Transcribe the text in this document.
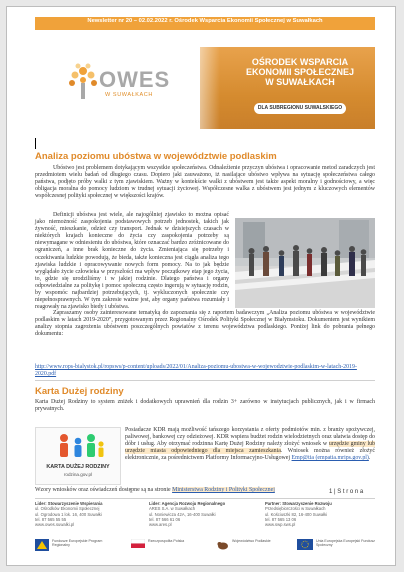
Newsletter nr 20 – 02.02.2022 r. Ośrodek Wsparcia Ekonomii Społecznej w Suwałkach
OWES
W SUWAŁKACH
OŚRODEK WSPARCIA
EKONOMII SPOŁECZNEJ
W SUWAŁKACH
DLA SUBREGIONU SUWALSKIEGO
Analiza poziomu ubóstwa w województwie podlaskim

Ubóstwo jest problemem dotykającym wszystkie społeczeństwa. Odnaleźienie przyczyn ubóstwa i opracowanie metod zaradczych jest przedmiotem wielu badań od długiego czasu. Dopiero jaki zauważono, iż nasilające ubóstwo wpływa na sytuację społeczeństwa całego państwa, podjęto próby walki z tym zjawiskiem. Ważny w kontekście walki z ubóstwem jest także aspekt moralny i godnościowy, a więc obligacja moralna do pomocy ludziom w trudnej sytuacji życiowej. Współczesne walka z ubóstwem jest jednym z kluczowych elementów współczesnej polityki społecznej w większości krajów.

Definicji ubóstwa jest wiele, ale najogólniej zjawisko to można opisać jako niemożność zaspokojenia podstawowych potrzeb jednostek, takich jak żywność, mieszkanie, odzież czy transport. Jednak w dzisiejszych czasach w niektórych krajach konieczne do życia czy zaspokojenia potrzeby są niewymagane w odniesieniu do ubóstwa, które oznaczać bardzo zróżnicowane do ograniczeń, a inne brak konieczne do życia. Zmieniająca się potrzeby i oczekiwania ludzkie powodują, że bieda, także konieczna jest ciągła analiza tego zjawiska ludzkie i opracowywanie nowych form pomocy. Na to jak będzie wyglądało życie człowieka w przyszłości ma wpływ początkowy etap jego życia, to, gdzie się urodziliśmy i w jakiej rodzinie. Dlatego państwa i organy odpowiedzialne za politykę i pomoc społeczną często ingerują w sytuację rodzin, by wspomóc najbardziej potrzebujących, tj. wykluczonych społecznie czy niepełnosprawnych. W tym zakresie ważne jest, aby organy państwa rozumiały i reagowały na zjawisko biedy i ubóstwa.

Zapraszamy osoby zainteresowane tematyką do zapoznania się z raportem badawczym „Analiza poziomu ubóstwa w województwie podlaskim w latach 2019-2020”, przygotowanym przez Regionalny Ośrodek Polityki Społecznej w Białymstoku. Dokumentem jest wynikiem analizy stopnia zagrożenia ubóstwem poszczególnych powiatów z terenu województwa podlaskiego. Poniżej link do pobrania pełnego dokumentu:

http://www.rops-bialystok.pl/ropsws/p-content/uploads/2022/01/Analiza-poziomu-ubostwa-w-wojewodztwie-podlaskim-w-latach-2019-2020.pdf
Karta Dużej rodziny

Karta Dużej Rodziny to system zniżek i dodatkowych uprawnień dla rodzin 3+ zarówno w instytucjach publicznych, jak i w firmach prywatnych.

KARTA DUŻEJ RODZINY
rodzina.gov.pl

Posiadacze KDR mają możliwość tańszego korzystania z oferty podmiotów min. z branży spożywczej, paliwowej, bankowej czy odzieżowej. KDR wspiera budżet rodzin wielodzietnych oraz ułatwia dostęp do dóbr i usług. Aby otrzymać rodzinna Kartę Dużej Rodziny należy złożyć wniosek w urzędzie gminy lub urzędzie miasta odpowiedniego dla miejsca zamieszkania. Wniosek można również złożyć elektronicznie, za pośrednictwem Platformy Informacyjno-Usługowej Emp@tia (empatia.mrips.gov.pl).

Wzory wniosków oraz oświadczeń dostępne są na stronie Ministerstwa Rodziny i Polityki Społecznej	1 | S t r o n a
Lider: Stowarzyszenie Wspierania
ul. Ośrodków Ekonomii Społecznej
ul. Ogrodowa 1 lok. 16, 400 Suwałki
tel. 87 565 55 55
www.owes.suwalki.pl
Lider: Agencja Rozwoju Regionalnego
ARES S.A. w Suwałkach
ul. Noniewicza 42A, 16-400 Suwałki
tel. 87 566 61 06
www.ares.pl
Partner: Stowarzyszenie Rozwoju
Przedsiębiorczości w Suwałkach
ul. Kościuszki 82, 16-400 Suwałki
tel. 87 565 13 06
www.swp.sws.pl
Fundusze Europejskie Program Regionalny
Rzeczpospolita Polska	Województwo Podlaskie	Unia Europejska Europejski Fundusz Społeczny
